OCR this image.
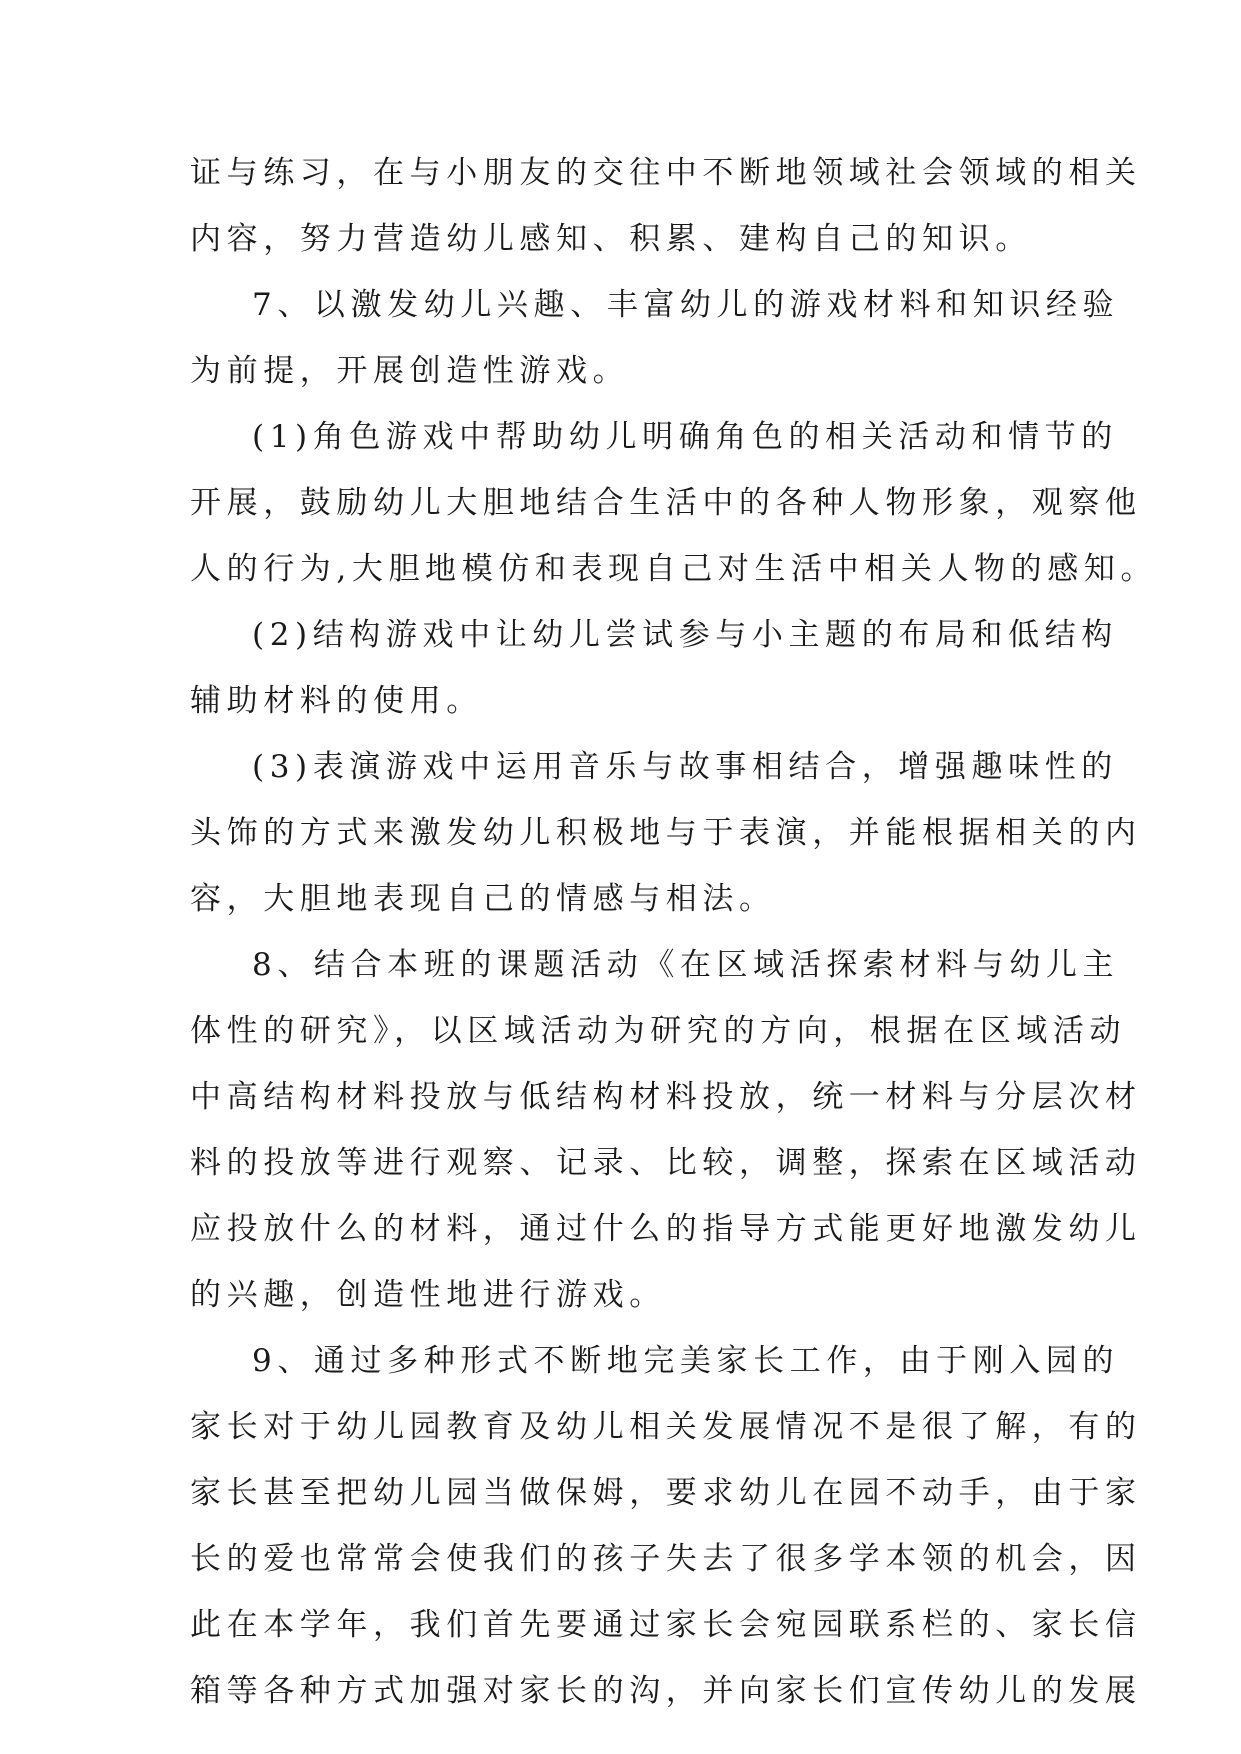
证与练习，在与小朋友的交往中不断地领域社会领域的相关
内容，努力营造幼儿感知、积累、建构自己的知识。
7、以激发幼儿兴趣、丰富幼儿的游戏材料和知识经验
为前提，开展创造性游戏。
(1)角色游戏中帮助幼儿明确角色的相关活动和情节的
开展，鼓励幼儿大胆地结合生活中的各种人物形象，观察他
人的行为,大胆地模仿和表现自己对生活中相关人物的感知。
(2)结构游戏中让幼儿尝试参与小主题的布局和低结构
辅助材料的使用。
(3)表演游戏中运用音乐与故事相结合，增强趣味性的
头饰的方式来激发幼儿积极地与于表演，并能根据相关的内
容，大胆地表现自己的情感与相法。
8、结合本班的课题活动《在区域活探索材料与幼儿主
体性的研究》，以区域活动为研究的方向，根据在区域活动
中高结构材料投放与低结构材料投放，统一材料与分层次材
料的投放等进行观察、记录、比较，调整，探索在区域活动
应投放什么的材料，通过什么的指导方式能更好地激发幼儿
的兴趣，创造性地进行游戏。
9、通过多种形式不断地完美家长工作，由于刚入园的
家长对于幼儿园教育及幼儿相关发展情况不是很了解，有的
家长甚至把幼儿园当做保姆，要求幼儿在园不动手，由于家
长的爱也常常会使我们的孩子失去了很多学本领的机会，因
此在本学年，我们首先要通过家长会宛园联系栏的、家长信
箱等各种方式加强对家长的沟，并向家长们宣传幼儿的发展
